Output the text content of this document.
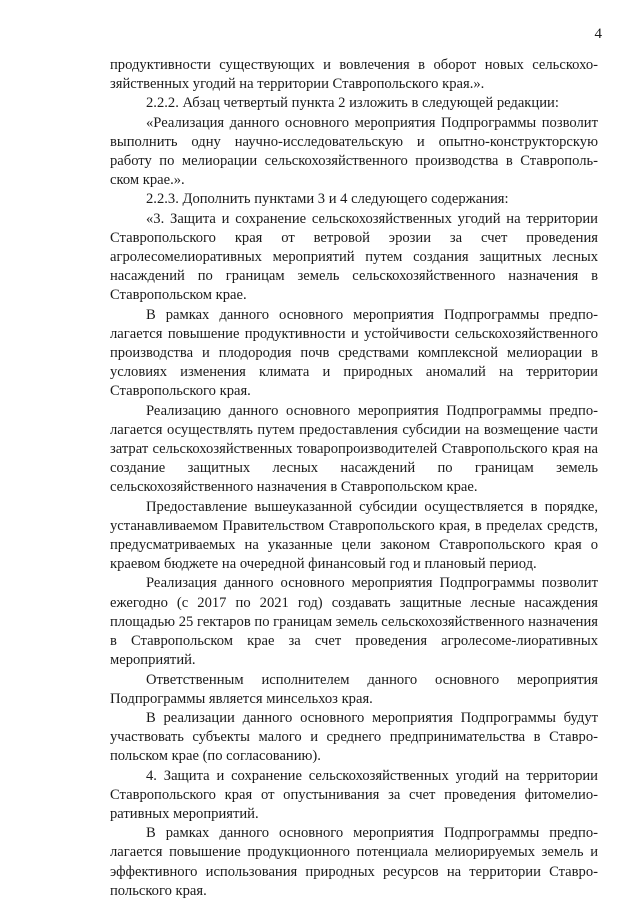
4

продуктивности существующих и вовлечения в оборот новых сельскохо-зяйственных угодий на территории Ставропольского края.».

2.2.2. Абзац четвертый пункта 2 изложить в следующей редакции:

«Реализация данного основного мероприятия Подпрограммы позволит выполнить одну научно-исследовательскую и опытно-конструкторскую работу по мелиорации сельскохозяйственного производства в Ставрополь-ском крае.».

2.2.3. Дополнить пунктами 3 и 4 следующего содержания:

«3. Защита и сохранение сельскохозяйственных угодий на территории Ставропольского края от ветровой эрозии за счет проведения агролесомелиоративных мероприятий путем создания защитных лесных насаждений по границам земель сельскохозяйственного назначения в Ставропольском крае.

В рамках данного основного мероприятия Подпрограммы предпо-лагается повышение продуктивности и устойчивости сельскохозяйственного производства и плодородия почв средствами комплексной мелиорации в условиях изменения климата и природных аномалий на территории Ставропольского края.

Реализацию данного основного мероприятия Подпрограммы предпо-лагается осуществлять путем предоставления субсидии на возмещение части затрат сельскохозяйственных товаропроизводителей Ставропольского края на создание защитных лесных насаждений по границам земель сельскохозяйственного назначения в Ставропольском крае.

Предоставление вышеуказанной субсидии осуществляется в порядке, устанавливаемом Правительством Ставропольского края, в пределах средств, предусматриваемых на указанные цели законом Ставропольского края о краевом бюджете на очередной финансовый год и плановый период.

Реализация данного основного мероприятия Подпрограммы позволит ежегодно (с 2017 по 2021 год) создавать защитные лесные насаждения площадью 25 гектаров по границам земель сельскохозяйственного назначения в Ставропольском крае за счет проведения агролесоме-лиоративных мероприятий.

Ответственным исполнителем данного основного мероприятия Подпрограммы является минсельхоз края.

В реализации данного основного мероприятия Подпрограммы будут участвовать субъекты малого и среднего предпринимательства в Ставро-польском крае (по согласованию).

4. Защита и сохранение сельскохозяйственных угодий на территории Ставропольского края от опустынивания за счет проведения фитомелио-ративных мероприятий.

В рамках данного основного мероприятия Подпрограммы предпо-лагается повышение продукционного потенциала мелиорируемых земель и эффективного использования природных ресурсов на территории Ставро-польского края.
